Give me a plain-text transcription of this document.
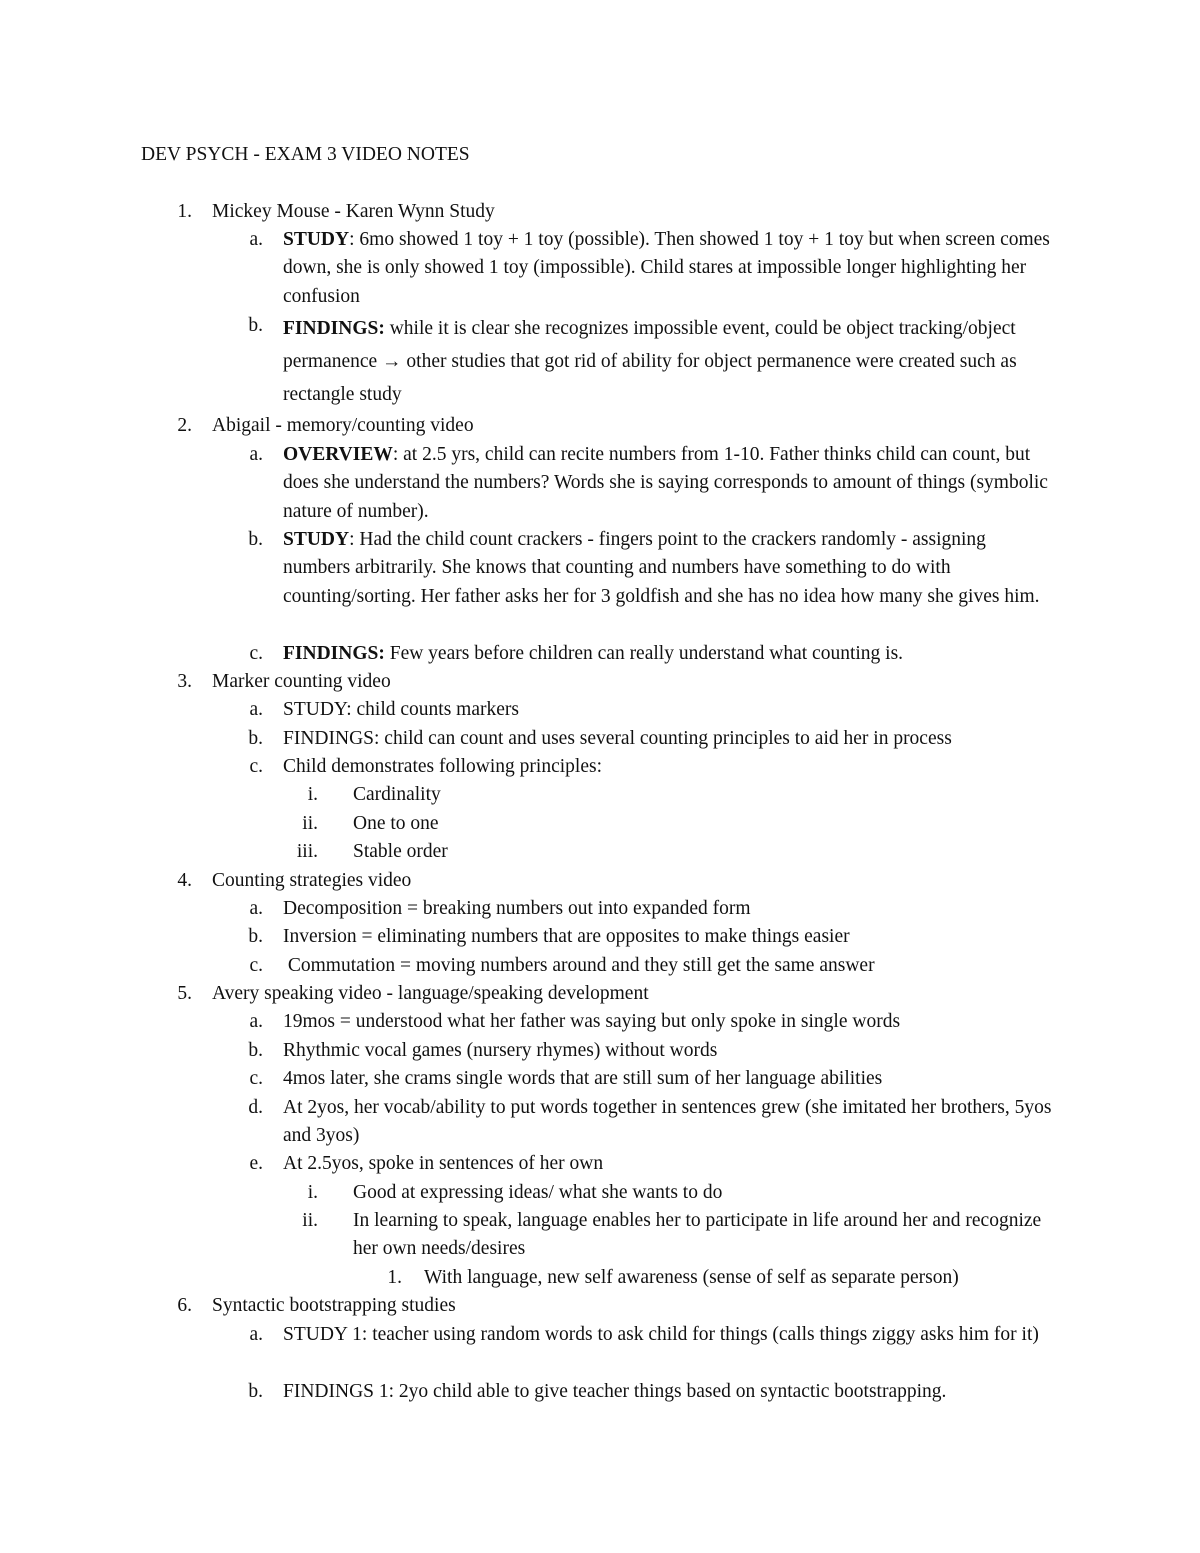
DEV PSYCH - EXAM 3 VIDEO NOTES
1. Mickey Mouse - Karen Wynn Study
a. STUDY: 6mo showed 1 toy + 1 toy (possible). Then showed 1 toy + 1 toy but when screen comes down, she is only showed 1 toy (impossible). Child stares at impossible longer highlighting her confusion
b. FINDINGS: while it is clear she recognizes impossible event, could be object tracking/object permanence → other studies that got rid of ability for object permanence were created such as rectangle study
2. Abigail - memory/counting video
a. OVERVIEW: at 2.5 yrs, child can recite numbers from 1-10. Father thinks child can count, but does she understand the numbers? Words she is saying corresponds to amount of things (symbolic nature of number).
b. STUDY: Had the child count crackers - fingers point to the crackers randomly - assigning numbers arbitrarily. She knows that counting and numbers have something to do with counting/sorting. Her father asks her for 3 goldfish and she has no idea how many she gives him.
c. FINDINGS: Few years before children can really understand what counting is.
3. Marker counting video
a. STUDY: child counts markers
b. FINDINGS: child can count and uses several counting principles to aid her in process
c. Child demonstrates following principles:
i. Cardinality
ii. One to one
iii. Stable order
4. Counting strategies video
a. Decomposition = breaking numbers out into expanded form
b. Inversion = eliminating numbers that are opposites to make things easier
c. Commutation = moving numbers around and they still get the same answer
5. Avery speaking video - language/speaking development
a. 19mos = understood what her father was saying but only spoke in single words
b. Rhythmic vocal games (nursery rhymes) without words
c. 4mos later, she crams single words that are still sum of her language abilities
d. At 2yos, her vocab/ability to put words together in sentences grew (she imitated her brothers, 5yos and 3yos)
e. At 2.5yos, spoke in sentences of her own
i. Good at expressing ideas/ what she wants to do
ii. In learning to speak, language enables her to participate in life around her and recognize her own needs/desires
1. With language, new self awareness (sense of self as separate person)
6. Syntactic bootstrapping studies
a. STUDY 1: teacher using random words to ask child for things (calls things ziggy asks him for it)
b. FINDINGS 1: 2yo child able to give teacher things based on syntactic bootstrapping.
